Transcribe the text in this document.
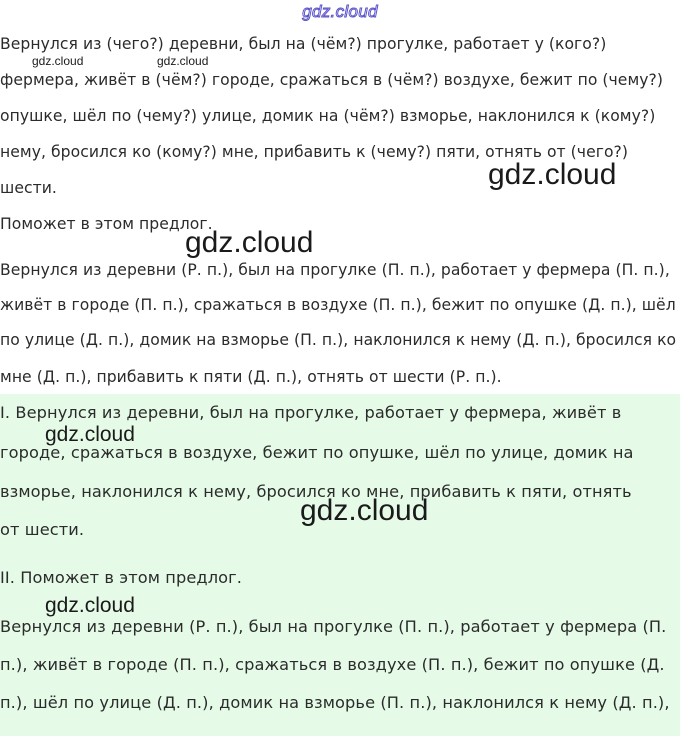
gdz.cloud
Вернулся из (чего?) деревни, был на (чём?) прогулке, работает у (кого?)
фермера, живёт в (чём?) городе, сражаться в (чём?) воздухе, бежит по (чему?)
опушке, шёл по (чему?) улице, домик на (чём?) взморье, наклонился к (кому?)
нему, бросился ко (кому?) мне, прибавить к (чему?) пяти, отнять от (чего?)
шести.
Поможет в этом предлог.
Вернулся из деревни (Р. п.), был на прогулке (П. п.), работает у фермера (П. п.),
живёт в городе (П. п.), сражаться в воздухе (П. п.), бежит по опушке (Д. п.), шёл
по улице (Д. п.), домик на взморье (П. п.), наклонился к нему (Д. п.), бросился ко
мне (Д. п.), прибавить к пяти (Д. п.), отнять от шести (Р. п.).
I. Вернулся из деревни, был на прогулке, работает у фермера, живёт в
городе, сражаться в воздухе, бежит по опушке, шёл по улице, домик на
взморье, наклонился к нему, бросился ко мне, прибавить к пяти, отнять
от шести.
II. Поможет в этом предлог.
Вернулся из деревни (Р. п.), был на прогулке (П. п.), работает у фермера (П.
п.), живёт в городе (П. п.), сражаться в воздухе (П. п.), бежит по опушке (Д.
п.), шёл по улице (Д. п.), домик на взморье (П. п.), наклонился к нему (Д. п.),
gdz.cloud	gdz.cloud
gdz.cloud
gdz.cloud
gdz.cloud
gdz.cloud
gdz.cloud
